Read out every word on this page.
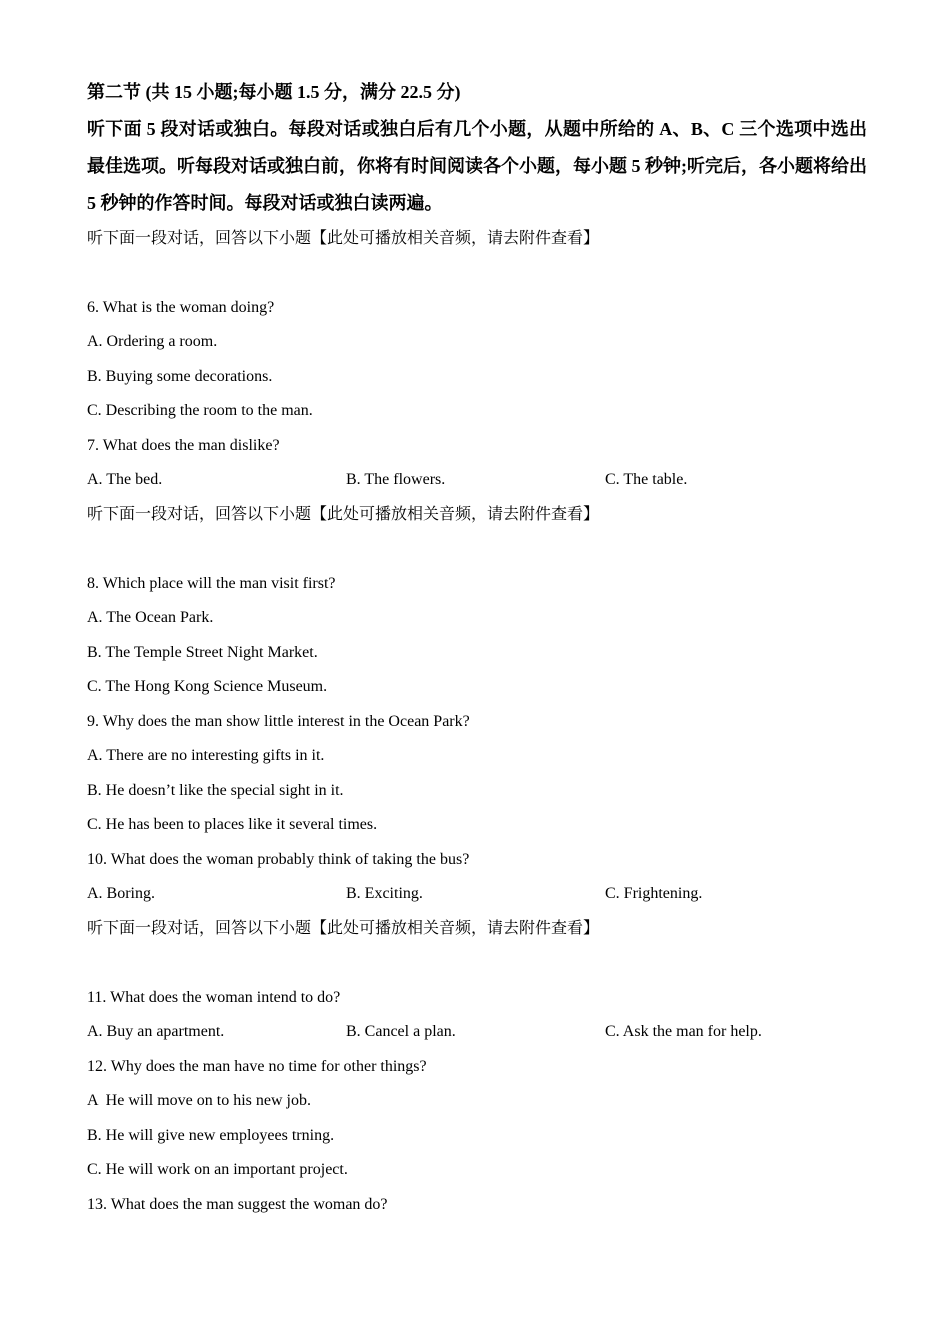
第二节 (共 15 小题;每小题 1.5 分，满分 22.5 分)
听下面 5 段对话或独白。每段对话或独白后有几个小题，从题中所给的 A、B、C 三个选项中选出最佳选项。听每段对话或独白前，你将有时间阅读各个小题，每小题 5 秒钟;听完后，各小题将给出 5 秒钟的作答时间。每段对话或独白读两遍。
听下面一段对话，回答以下小题【此处可播放相关音频，请去附件查看】
6. What is the woman doing?
A. Ordering a room.
B. Buying some decorations.
C. Describing the room to the man.
7. What does the man dislike?
A. The bed.	B. The flowers.	C. The table.
听下面一段对话，回答以下小题【此处可播放相关音频，请去附件查看】
8. Which place will the man visit first?
A. The Ocean Park.
B. The Temple Street Night Market.
C. The Hong Kong Science Museum.
9. Why does the man show little interest in the Ocean Park?
A. There are no interesting gifts in it.
B. He doesn’t like the special sight in it.
C. He has been to places like it several times.
10. What does the woman probably think of taking the bus?
A. Boring.	B. Exciting.	C. Frightening.
听下面一段对话，回答以下小题【此处可播放相关音频，请去附件查看】
11. What does the woman intend to do?
A. Buy an apartment.	B. Cancel a plan.	C. Ask the man for help.
12. Why does the man have no time for other things?
A  He will move on to his new job.
B. He will give new employees trning.
C. He will work on an important project.
13. What does the man suggest the woman do?
